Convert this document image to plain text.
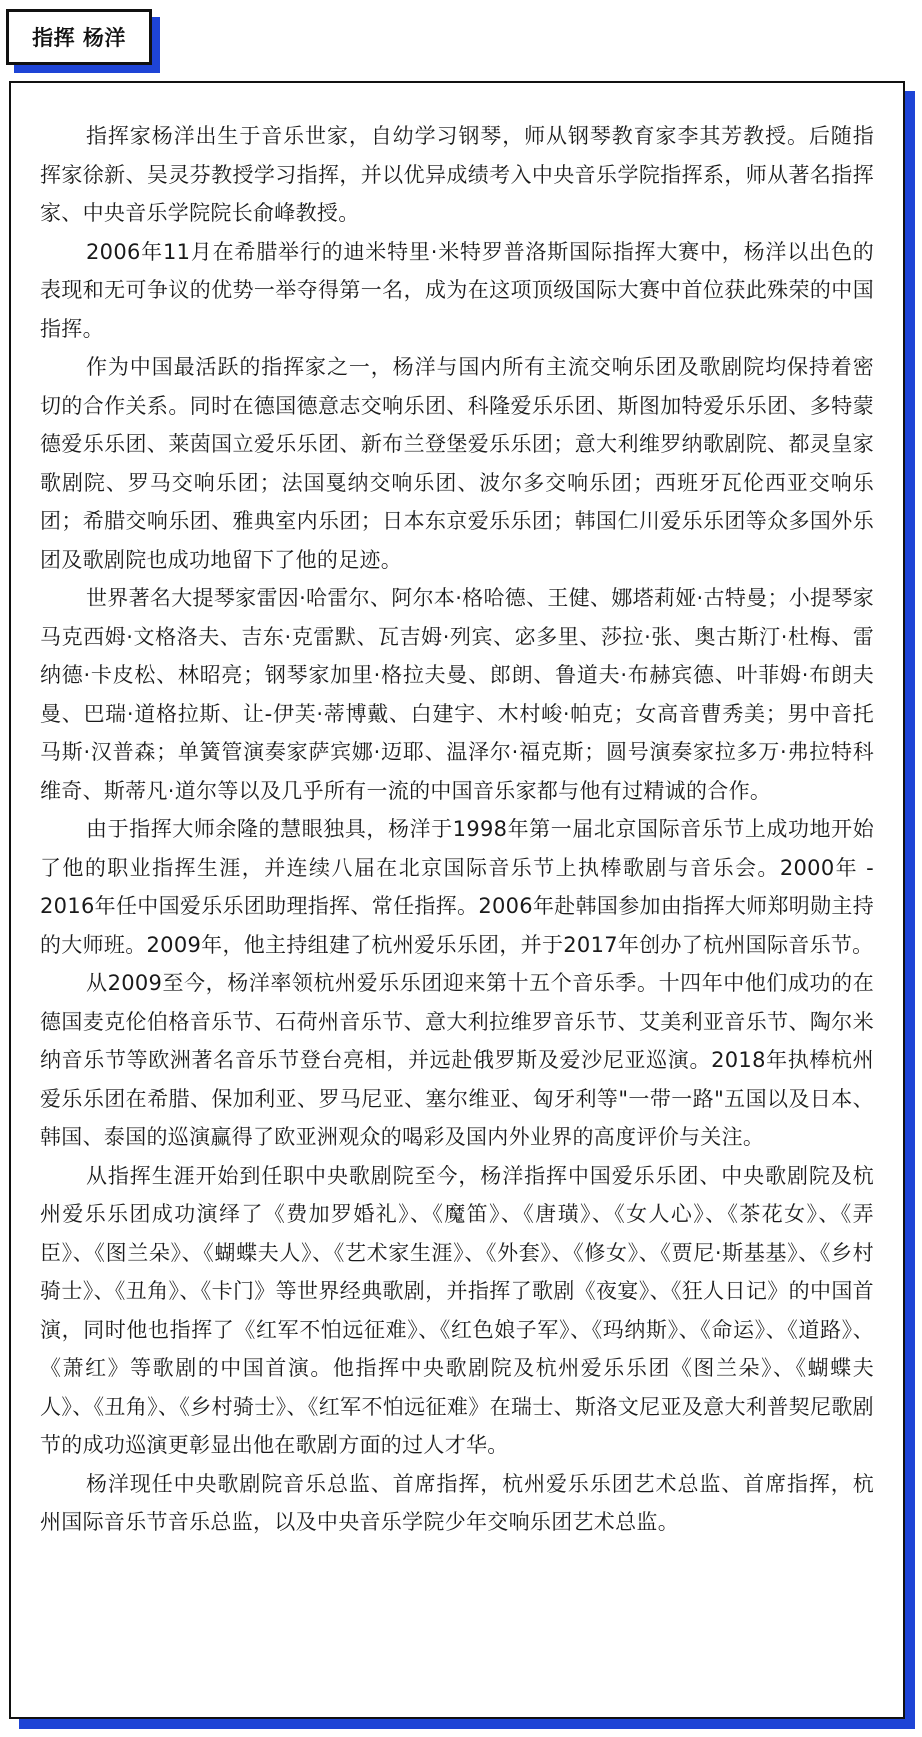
指挥 杨洋

指挥家杨洋出生于音乐世家，自幼学习钢琴，师从钢琴教育家李其芳教授。后随指挥家徐新、吴灵芬教授学习指挥，并以优异成绩考入中央音乐学院指挥系，师从著名指挥家、中央音乐学院院长俞峰教授。

2006年11月在希腊举行的迪米特里·米特罗普洛斯国际指挥大赛中，杨洋以出色的表现和无可争议的优势一举夺得第一名，成为在这项顶级国际大赛中首位获此殊荣的中国指挥。

作为中国最活跃的指挥家之一，杨洋与国内所有主流交响乐团及歌剧院均保持着密切的合作关系。同时在德国德意志交响乐团、科隆爱乐乐团、斯图加特爱乐乐团、多特蒙德爱乐乐团、莱茵国立爱乐乐团、新布兰登堡爱乐乐团；意大利维罗纳歌剧院、都灵皇家歌剧院、罗马交响乐团；法国戛纳交响乐团、波尔多交响乐团；西班牙瓦伦西亚交响乐团；希腊交响乐团、雅典室内乐团；日本东京爱乐乐团；韩国仁川爱乐乐团等众多国外乐团及歌剧院也成功地留下了他的足迹。

世界著名大提琴家雷因·哈雷尔、阿尔本·格哈德、王健、娜塔莉娅·古特曼；小提琴家马克西姆·文格洛夫、吉东·克雷默、瓦吉姆·列宾、宓多里、莎拉·张、奥古斯汀·杜梅、雷纳德·卡皮松、林昭亮；钢琴家加里·格拉夫曼、郎朗、鲁道夫·布赫宾德、叶菲姆·布朗夫曼、巴瑞·道格拉斯、让-伊芙·蒂博戴、白建宇、木村峻·帕克；女高音曹秀美；男中音托马斯·汉普森；单簧管演奏家萨宾娜·迈耶、温泽尔·福克斯；圆号演奏家拉多万·弗拉特科维奇、斯蒂凡·道尔等以及几乎所有一流的中国音乐家都与他有过精诚的合作。

由于指挥大师余隆的慧眼独具，杨洋于1998年第一届北京国际音乐节上成功地开始了他的职业指挥生涯，并连续八届在北京国际音乐节上执棒歌剧与音乐会。2000年 - 2016年任中国爱乐乐团助理指挥、常任指挥。2006年赴韩国参加由指挥大师郑明勋主持的大师班。2009年，他主持组建了杭州爱乐乐团，并于2017年创办了杭州国际音乐节。

从2009至今，杨洋率领杭州爱乐乐团迎来第十五个音乐季。十四年中他们成功的在德国麦克伦伯格音乐节、石荷州音乐节、意大利拉维罗音乐节、艾美利亚音乐节、陶尔米纳音乐节等欧洲著名音乐节登台亮相，并远赴俄罗斯及爱沙尼亚巡演。2018年执棒杭州爱乐乐团在希腊、保加利亚、罗马尼亚、塞尔维亚、匈牙利等"一带一路"五国以及日本、韩国、泰国的巡演赢得了欧亚洲观众的喝彩及国内外业界的高度评价与关注。

从指挥生涯开始到任职中央歌剧院至今，杨洋指挥中国爱乐乐团、中央歌剧院及杭州爱乐乐团成功演绎了《费加罗婚礼》、《魔笛》、《唐璜》、《女人心》、《茶花女》、《弄臣》、《图兰朵》、《蝴蝶夫人》、《艺术家生涯》、《外套》、《修女》、《贾尼·斯基基》、《乡村骑士》、《丑角》、《卡门》等世界经典歌剧，并指挥了歌剧《夜宴》、《狂人日记》的中国首演，同时他也指挥了《红军不怕远征难》、《红色娘子军》、《玛纳斯》、《命运》、《道路》、《萧红》等歌剧的中国首演。他指挥中央歌剧院及杭州爱乐乐团《图兰朵》、《蝴蝶夫人》、《丑角》、《乡村骑士》、《红军不怕远征难》在瑞士、斯洛文尼亚及意大利普契尼歌剧节的成功巡演更彰显出他在歌剧方面的过人才华。

杨洋现任中央歌剧院音乐总监、首席指挥，杭州爱乐乐团艺术总监、首席指挥，杭州国际音乐节音乐总监，以及中央音乐学院少年交响乐团艺术总监。
